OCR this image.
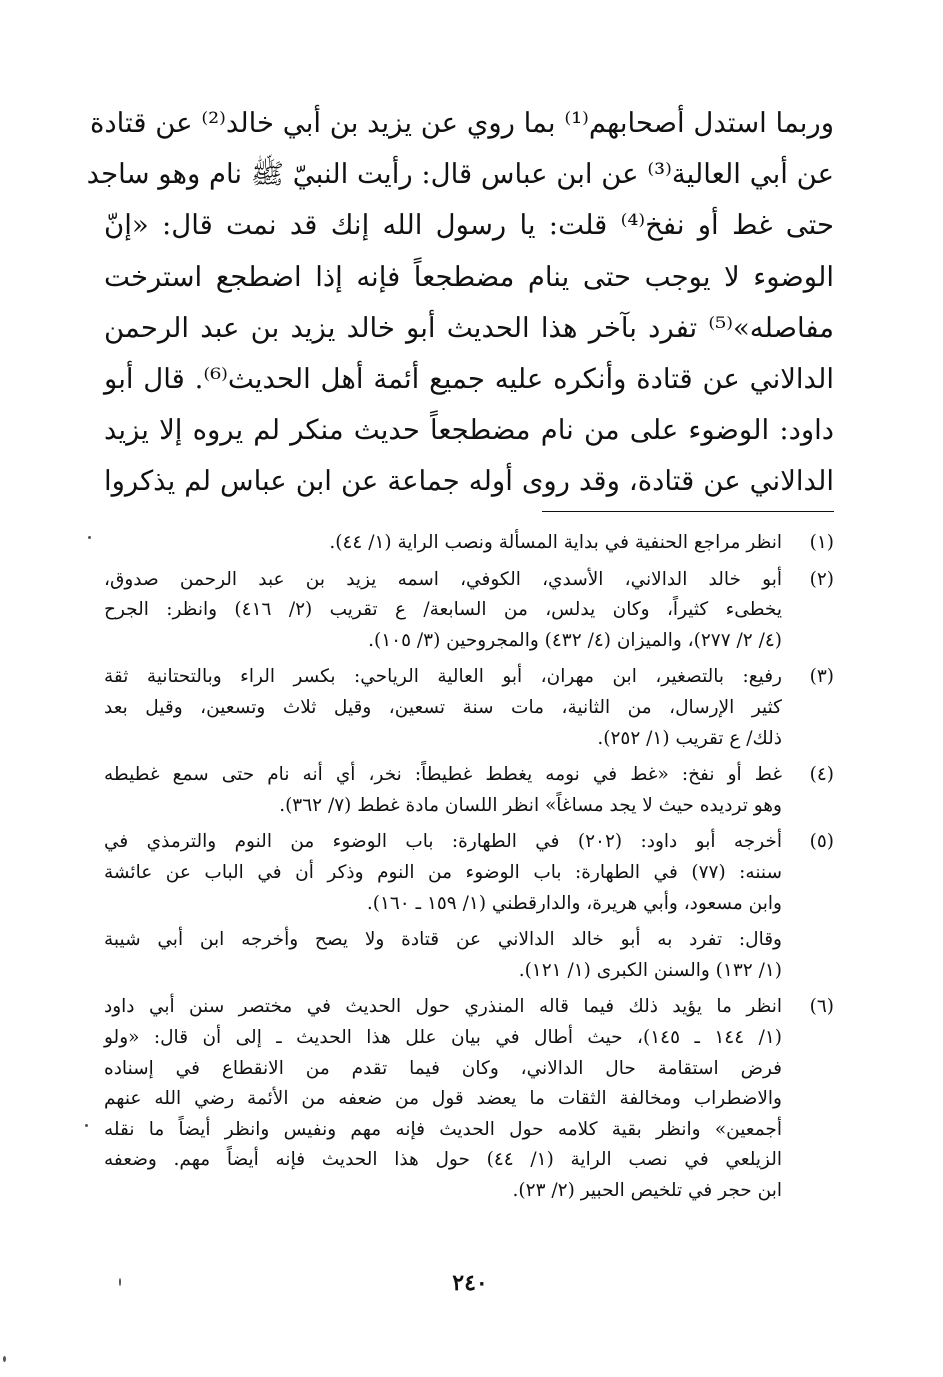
وربما استدل أصحابهم⁽¹⁾ بما روي عن يزيد بن أبي خالد⁽²⁾ عن قتادة
عن أبي العالية⁽³⁾ عن ابن عباس قال: رأيت النبيّ ﷺ نام وهو ساجد
حتى غط أو نفخ⁽⁴⁾ قلت: يا رسول الله إنك قد نمت قال: «إنّ
الوضوء لا يوجب حتى ينام مضطجعاً فإنه إذا اضطجع استرخت
مفاصله»⁽⁵⁾ تفرد بآخر هذا الحديث أبو خالد يزيد بن عبد الرحمن
الدالاني عن قتادة وأنكره عليه جميع أئمة أهل الحديث⁽⁶⁾. قال أبو
داود: الوضوء على من نام مضطجعاً حديث منكر لم يروه إلا يزيد
الدالاني عن قتادة، وقد روى أوله جماعة عن ابن عباس لم يذكروا
(١)
انظر مراجع الحنفية في بداية المسألة ونصب الراية (١/ ٤٤).
(٢)
أبو خالد الدالاني، الأسدي، الكوفي، اسمه يزيد بن عبد الرحمن صدوق،
يخطىء كثيراً، وكان يدلس، من السابعة/ ع تقريب (٢/ ٤١٦) وانظر: الجرح
(٤/ ٢/ ٢٧٧)، والميزان (٤/ ٤٣٢) والمجروحين (٣/ ١٠٥).
(٣)
رفيع: بالتصغير، ابن مهران، أبو العالية الرياحي: بكسر الراء وبالتحتانية ثقة
كثير الإرسال، من الثانية، مات سنة تسعين، وقيل ثلاث وتسعين، وقيل بعد
ذلك/ ع تقريب (١/ ٢٥٢).
(٤)
غط أو نفخ: «غط في نومه يغطط غطيطاً: نخر، أي أنه نام حتى سمع غطيطه
وهو ترديده حيث لا يجد مساغاً» انظر اللسان مادة غطط (٧/ ٣٦٢).
(٥)
أخرجه أبو داود: (٢٠٢) في الطهارة: باب الوضوء من النوم والترمذي في
سننه: (٧٧) في الطهارة: باب الوضوء من النوم وذكر أن في الباب عن عائشة
وابن مسعود، وأبي هريرة، والدارقطني (١/ ١٥٩ ـ ١٦٠).
وقال: تفرد به أبو خالد الدالاني عن قتادة ولا يصح وأخرجه ابن أبي شيبة
(١/ ١٣٢) والسنن الكبرى (١/ ١٢١).
(٦)
انظر ما يؤيد ذلك فيما قاله المنذري حول الحديث في مختصر سنن أبي داود
(١/ ١٤٤ ـ ١٤٥)، حيث أطال في بيان علل هذا الحديث ـ إلى أن قال: «ولو
فرض استقامة حال الدالاني، وكان فيما تقدم من الانقطاع في إسناده
والاضطراب ومخالفة الثقات ما يعضد قول من ضعفه من الأئمة رضي الله عنهم
أجمعين» وانظر بقية كلامه حول الحديث فإنه مهم ونفيس وانظر أيضاً ما نقله
الزيلعي في نصب الراية (١/ ٤٤) حول هذا الحديث فإنه أيضاً مهم. وضعفه
ابن حجر في تلخيص الحبير (٢/ ٢٣).
٢٤٠
